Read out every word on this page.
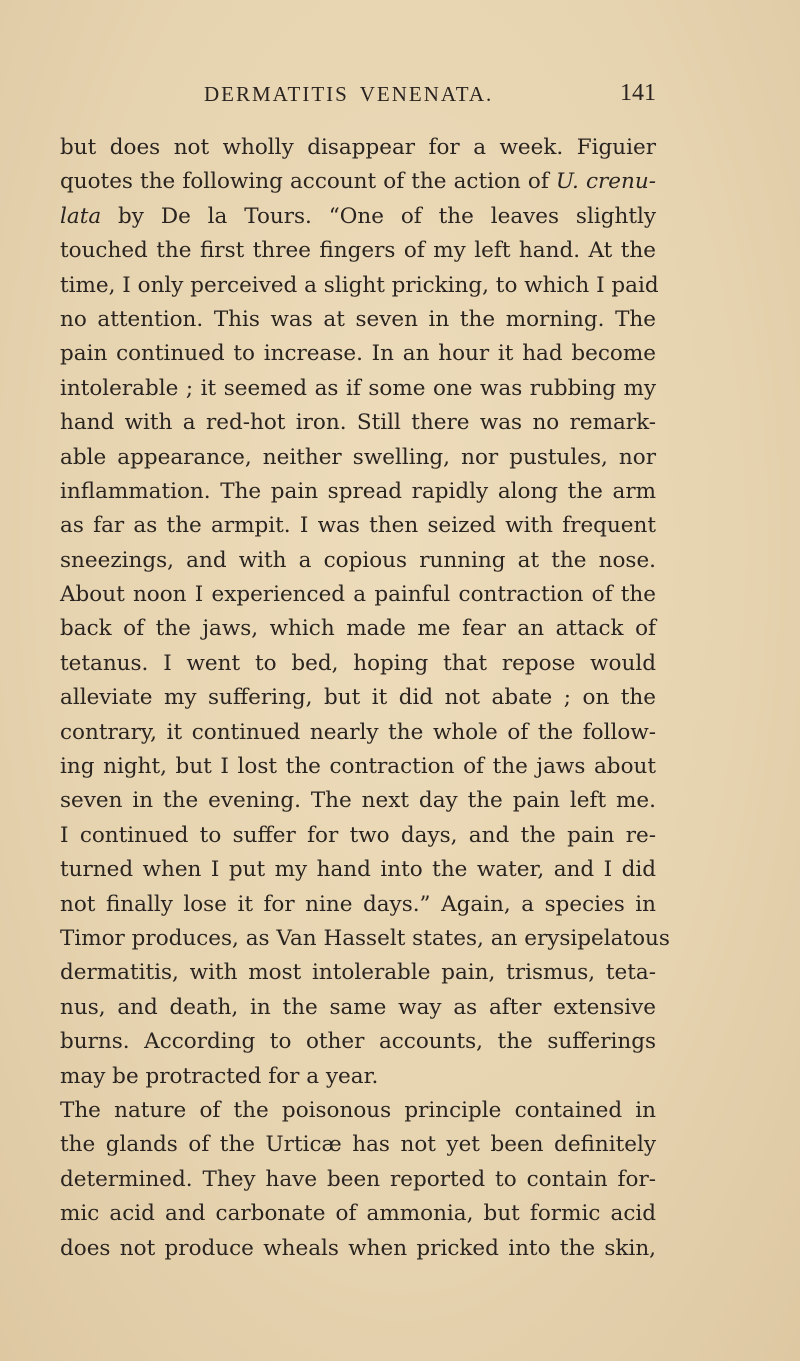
DERMATITIS VENENATA.	141
but does not wholly disappear for a week. Figuier
quotes the following account of the action of U. crenu-
lata by De la Tours. “One of the leaves slightly
touched the first three fingers of my left hand. At the
time, I only perceived a slight pricking, to which I paid
no attention. This was at seven in the morning. The
pain continued to increase. In an hour it had become
intolerable ; it seemed as if some one was rubbing my
hand with a red-hot iron. Still there was no remark-
able appearance, neither swelling, nor pustules, nor
inflammation. The pain spread rapidly along the arm
as far as the armpit. I was then seized with frequent
sneezings, and with a copious running at the nose.
About noon I experienced a painful contraction of the
back of the jaws, which made me fear an attack of
tetanus. I went to bed, hoping that repose would
alleviate my suffering, but it did not abate ; on the
contrary, it continued nearly the whole of the follow-
ing night, but I lost the contraction of the jaws about
seven in the evening. The next day the pain left me.
I continued to suffer for two days, and the pain re-
turned when I put my hand into the water, and I did
not finally lose it for nine days.” Again, a species in
Timor produces, as Van Hasselt states, an erysipelatous
dermatitis, with most intolerable pain, trismus, teta-
nus, and death, in the same way as after extensive
burns. According to other accounts, the sufferings
may be protracted for a year.
The nature of the poisonous principle contained in
the glands of the Urticæ has not yet been definitely
determined. They have been reported to contain for-
mic acid and carbonate of ammonia, but formic acid
does not produce wheals when pricked into the skin,
